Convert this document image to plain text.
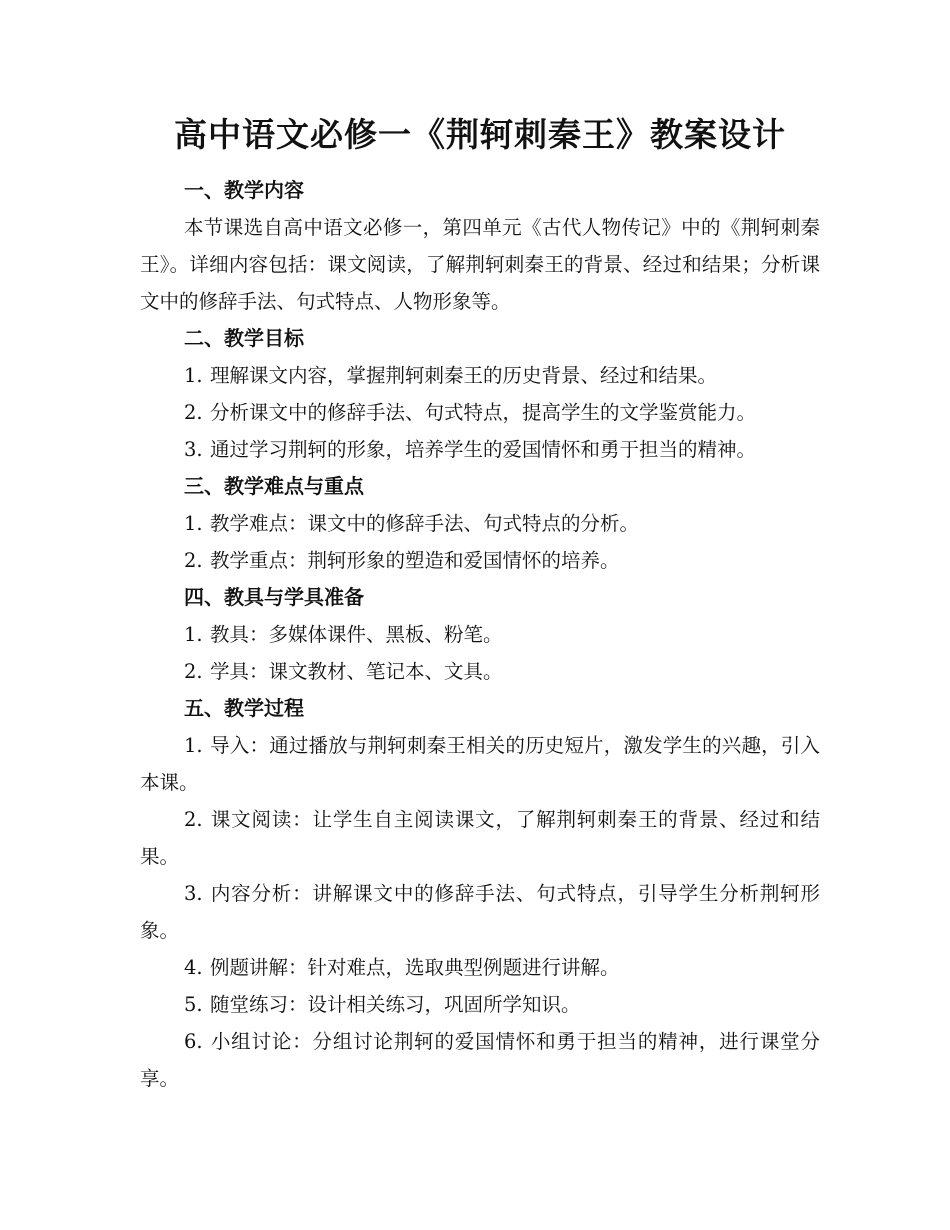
高中语文必修一《荆轲刺秦王》教案设计

一、教学内容

本节课选自高中语文必修一，第四单元《古代人物传记》中的《荆轲刺秦王》。详细内容包括：课文阅读，了解荆轲刺秦王的背景、经过和结果；分析课文中的修辞手法、句式特点、人物形象等。

二、教学目标

1. 理解课文内容，掌握荆轲刺秦王的历史背景、经过和结果。

2. 分析课文中的修辞手法、句式特点，提高学生的文学鉴赏能力。

3. 通过学习荆轲的形象，培养学生的爱国情怀和勇于担当的精神。

三、教学难点与重点

1. 教学难点：课文中的修辞手法、句式特点的分析。

2. 教学重点：荆轲形象的塑造和爱国情怀的培养。

四、教具与学具准备

1. 教具：多媒体课件、黑板、粉笔。

2. 学具：课文教材、笔记本、文具。

五、教学过程

1. 导入：通过播放与荆轲刺秦王相关的历史短片，激发学生的兴趣，引入本课。

2. 课文阅读：让学生自主阅读课文，了解荆轲刺秦王的背景、经过和结果。

3. 内容分析：讲解课文中的修辞手法、句式特点，引导学生分析荆轲形象。

4. 例题讲解：针对难点，选取典型例题进行讲解。

5. 随堂练习：设计相关练习，巩固所学知识。

6. 小组讨论：分组讨论荆轲的爱国情怀和勇于担当的精神，进行课堂分享。
